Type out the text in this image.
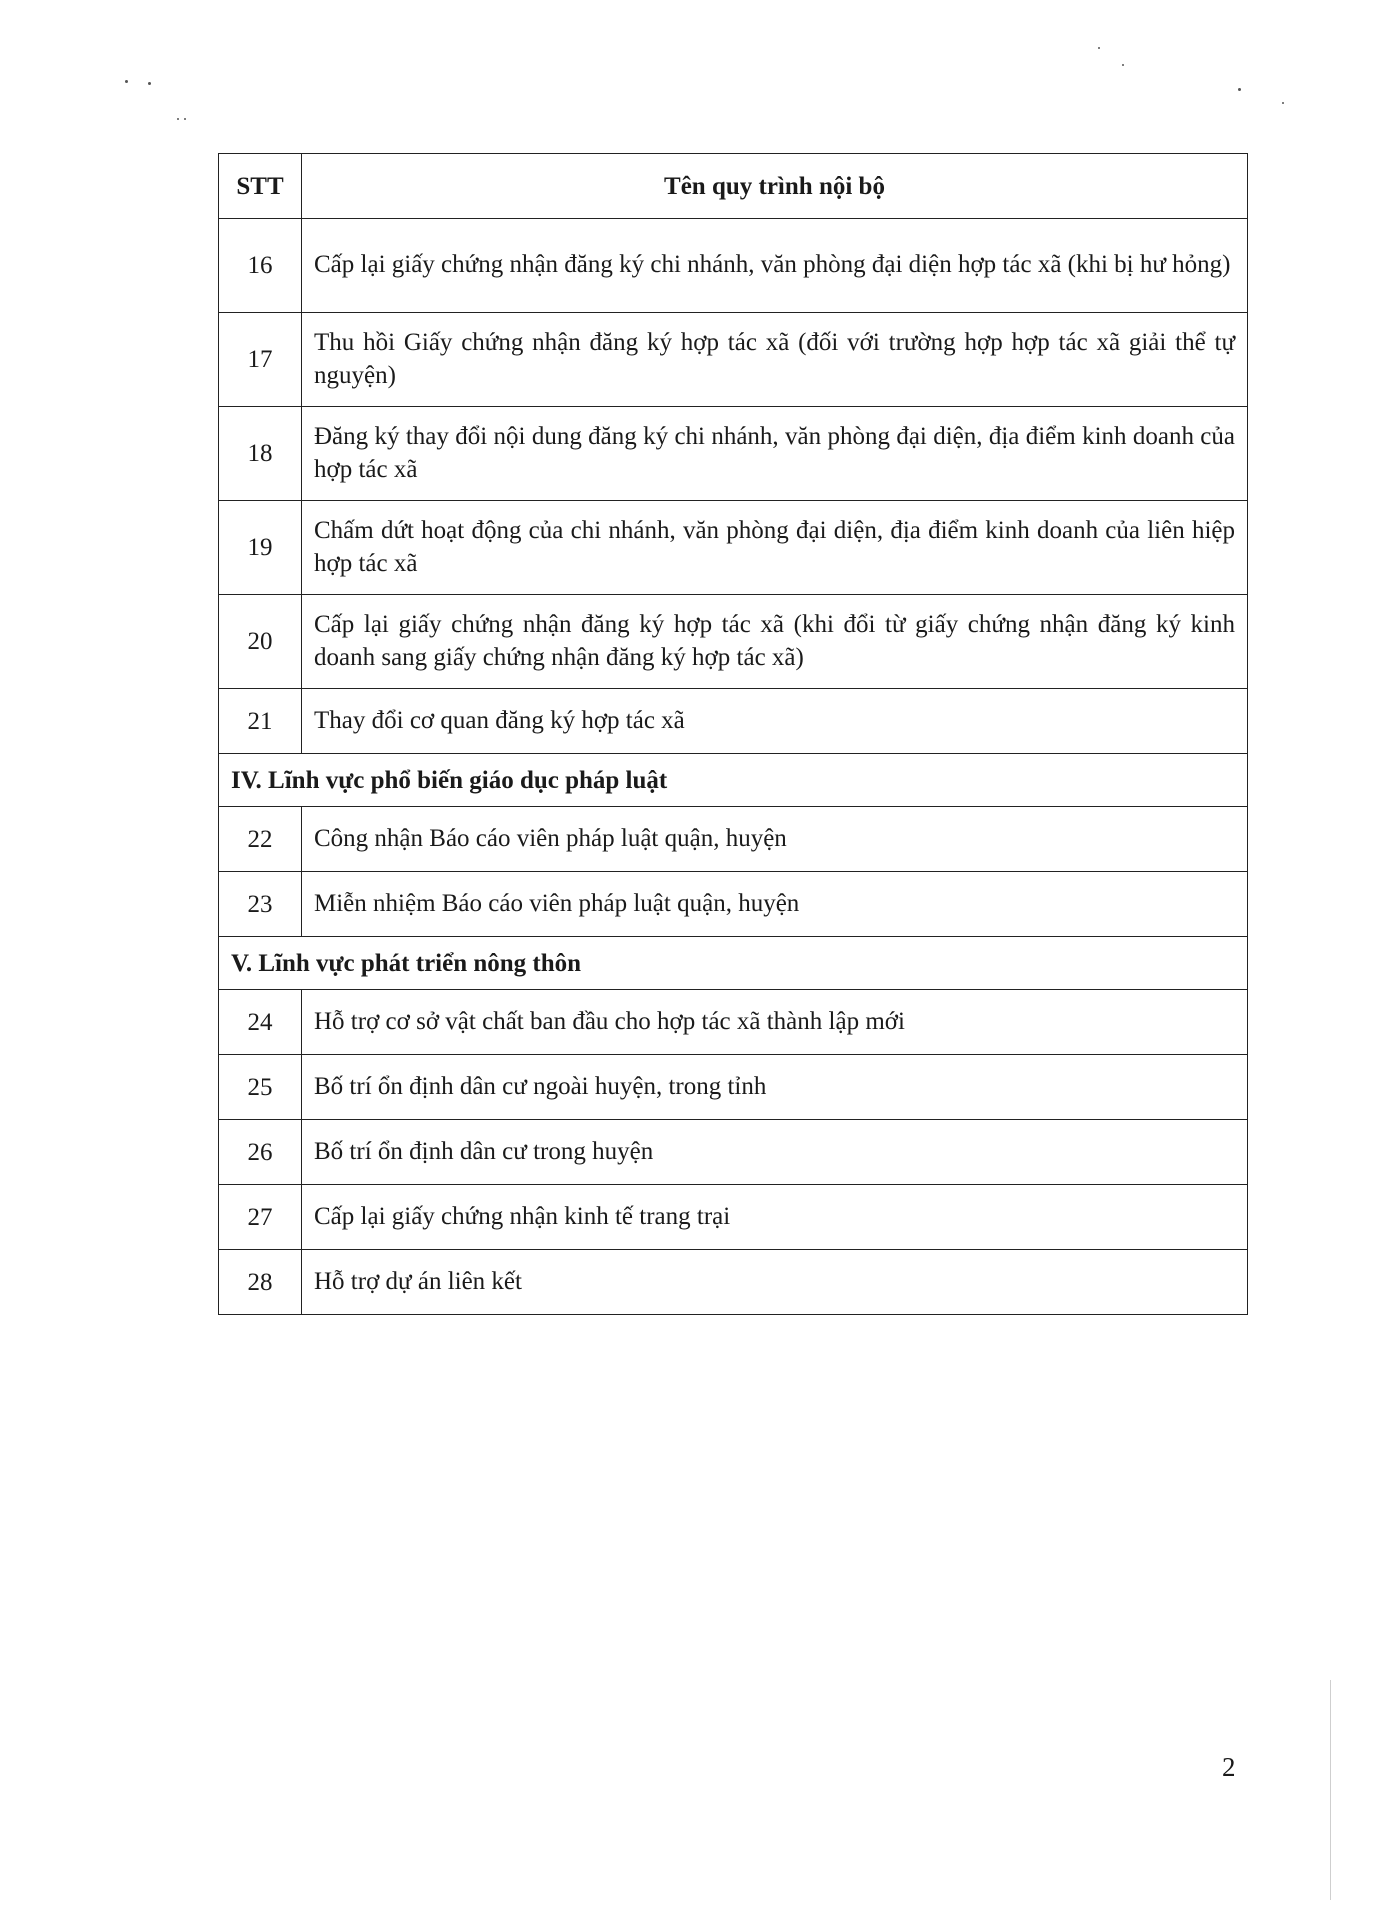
STT	Tên quy trình nội bộ
16	Cấp lại giấy chứng nhận đăng ký chi nhánh, văn phòng đại diện hợp tác xã (khi bị hư hỏng)
17	Thu hồi Giấy chứng nhận đăng ký hợp tác xã (đối với trường hợp hợp tác xã giải thể tự nguyện)
18	Đăng ký thay đổi nội dung đăng ký chi nhánh, văn phòng đại diện, địa điểm kinh doanh của hợp tác xã
19	Chấm dứt hoạt động của chi nhánh, văn phòng đại diện, địa điểm kinh doanh của liên hiệp hợp tác xã
20	Cấp lại giấy chứng nhận đăng ký hợp tác xã (khi đổi từ giấy chứng nhận đăng ký kinh doanh sang giấy chứng nhận đăng ký hợp tác xã)
21	Thay đổi cơ quan đăng ký hợp tác xã
IV. Lĩnh vực phổ biến giáo dục pháp luật	
22	Công nhận Báo cáo viên pháp luật quận, huyện
23	Miễn nhiệm Báo cáo viên pháp luật quận, huyện
V. Lĩnh vực phát triển nông thôn	
24	Hỗ trợ cơ sở vật chất ban đầu cho hợp tác xã thành lập mới
25	Bố trí ổn định dân cư ngoài huyện, trong tỉnh
26	Bố trí ổn định dân cư trong huyện
27	Cấp lại giấy chứng nhận kinh tế trang trại
28	Hỗ trợ dự án liên kết
2
